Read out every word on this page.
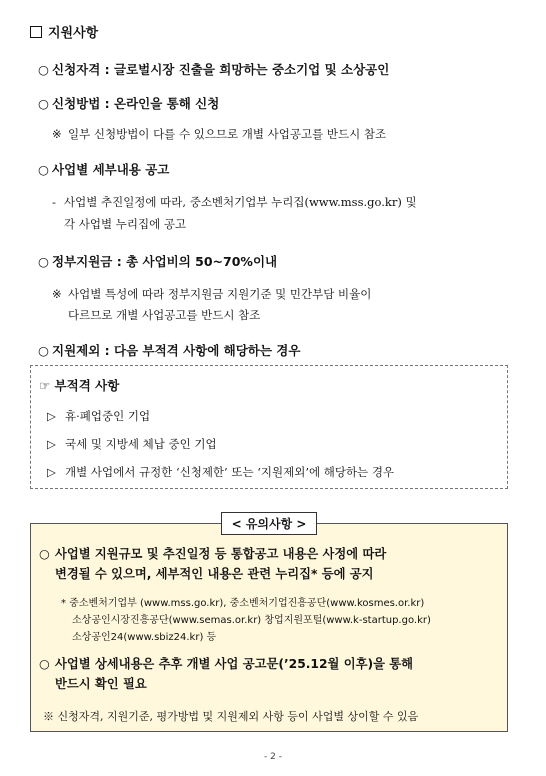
지원사항
○ 신청자격 : 글로벌시장 진출을 희망하는 중소기업 및 소상공인
○ 신청방법 : 온라인을 통해 신청
※ 일부 신청방법이 다를 수 있으므로 개별 사업공고를 반드시 참조
○ 사업별 세부내용 공고
- 사업별 추진일정에 따라, 중소벤처기업부 누리집(www.mss.go.kr) 및
각 사업별 누리집에 공고
○ 정부지원금 : 총 사업비의 50~70%이내
※ 사업별 특성에 따라 정부지원금 지원기준 및 민간부담 비율이
다르므로 개별 사업공고를 반드시 참조
○ 지원제외 : 다음 부적격 사항에 해당하는 경우
☞ 부적격 사항
▷ 휴·폐업중인 기업
▷ 국세 및 지방세 체납 중인 기업
▷ 개별 사업에서 규정한 ‘신청제한’ 또는 ‘지원제외’에 해당하는 경우
< 유의사항 >
○ 사업별 지원규모 및 추진일정 등 통합공고 내용은 사정에 따라
변경될 수 있으며, 세부적인 내용은 관련 누리집* 등에 공지
* 중소벤처기업부 (www.mss.go.kr), 중소벤처기업진흥공단(www.kosmes.or.kr)
소상공인시장진흥공단(www.semas.or.kr) 창업지원포털(www.k-startup.go.kr)
소상공인24(www.sbiz24.kr) 등
○ 사업별 상세내용은 추후 개별 사업 공고문(’25.12월 이후)을 통해
반드시 확인 필요
※ 신청자격, 지원기준, 평가방법 및 지원제외 사항 등이 사업별 상이할 수 있음
- 2 -
